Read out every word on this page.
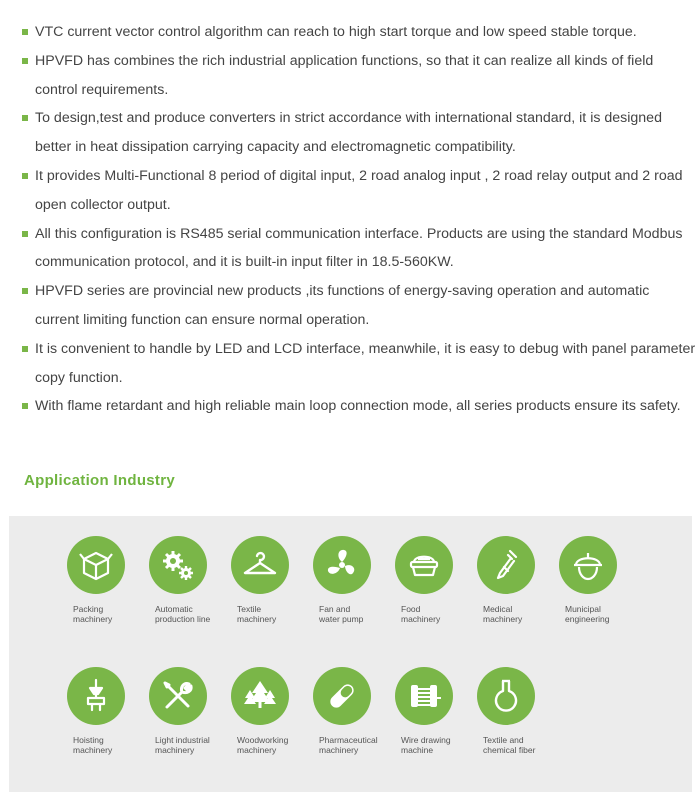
VTC current vector control algorithm can reach to high start torque and low speed stable torque.
HPVFD has combines the rich industrial application functions, so that it can realize all kinds of field control requirements.
To design,test and produce converters in strict accordance with international standard, it is designed better in heat dissipation carrying capacity and electromagnetic compatibility.
It provides Multi-Functional 8 period of digital input, 2 road analog input , 2 road relay output and 2 road open collector output.
All this configuration is RS485 serial communication interface. Products are using the standard Modbus communication protocol, and it is built-in input filter in 18.5-560KW.
HPVFD series are provincial new products ,its functions of energy-saving operation and automatic current limiting function can ensure normal operation.
It is convenient to handle by LED and LCD interface, meanwhile, it is easy to debug with panel parameter copy function.
With flame retardant and high reliable main loop connection mode, all series products ensure its safety.
Application Industry

Packing
machinery

Automatic
production line

Textile
machinery

Fan and
water pump

Food
machinery

Medical
machinery

Municipal
engineering

Hoisting
machinery

Light industrial
machinery

Woodworking
machinery

Pharmaceutical
machinery

Wire drawing
machine

Textile and
chemical fiber
